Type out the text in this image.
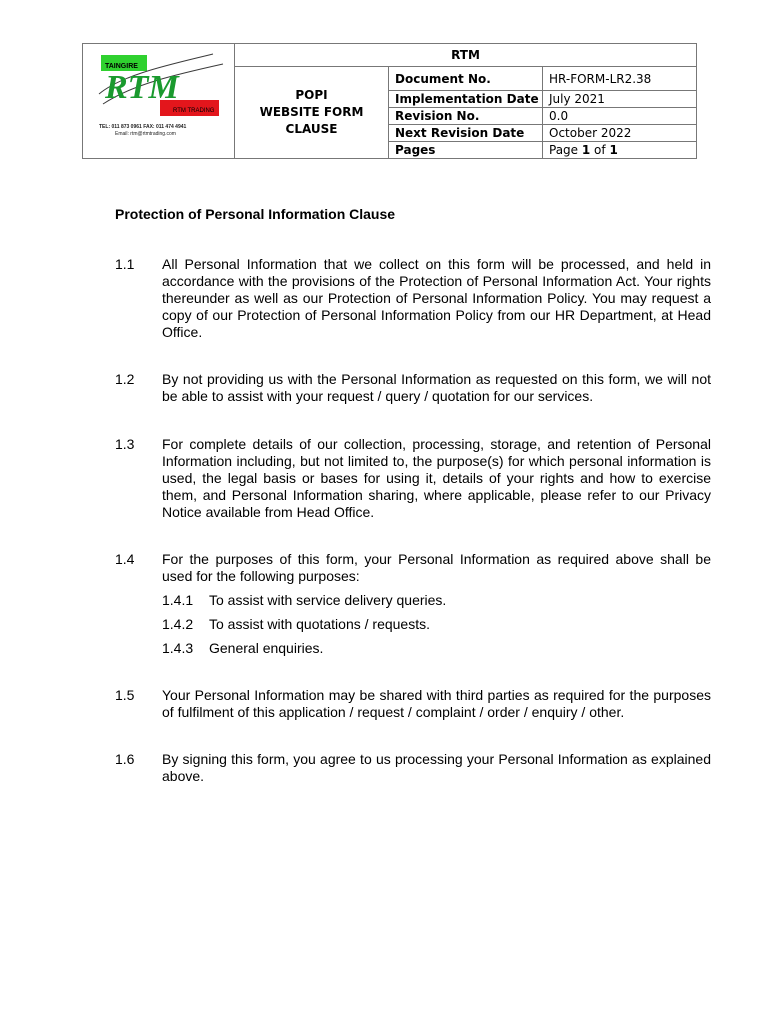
TAINGIRE
RTM
RTM TRADING
TEL: 011 873 0961 FAX: 011 474 4941
Email: rtm@rtmtrading.com	RTM		

	POPI
WEBSITE FORM
CLAUSE	Document No.	HR-FORM-LR2.38
		Implementation Date	July 2021
		Revision No.	0.0
		Next Revision Date	October 2022
		Pages	Page 1 of 1
Protection of Personal Information Clause
1.1 All Personal Information that we collect on this form will be processed, and held in accordance with the provisions of the Protection of Personal Information Act. Your rights thereunder as well as our Protection of Personal Information Policy. You may request a copy of our Protection of Personal Information Policy from our HR Department, at Head Office.
1.2 By not providing us with the Personal Information as requested on this form, we will not be able to assist with your request / query / quotation for our services.
1.3 For complete details of our collection, processing, storage, and retention of Personal Information including, but not limited to, the purpose(s) for which personal information is used, the legal basis or bases for using it, details of your rights and how to exercise them, and Personal Information sharing, where applicable, please refer to our Privacy Notice available from Head Office.
1.4 For the purposes of this form, your Personal Information as required above shall be used for the following purposes:
1.4.1 To assist with service delivery queries.
1.4.2 To assist with quotations / requests.
1.4.3 General enquiries.
1.5 Your Personal Information may be shared with third parties as required for the purposes of fulfilment of this application / request / complaint / order / enquiry / other.
1.6 By signing this form, you agree to us processing your Personal Information as explained above.
